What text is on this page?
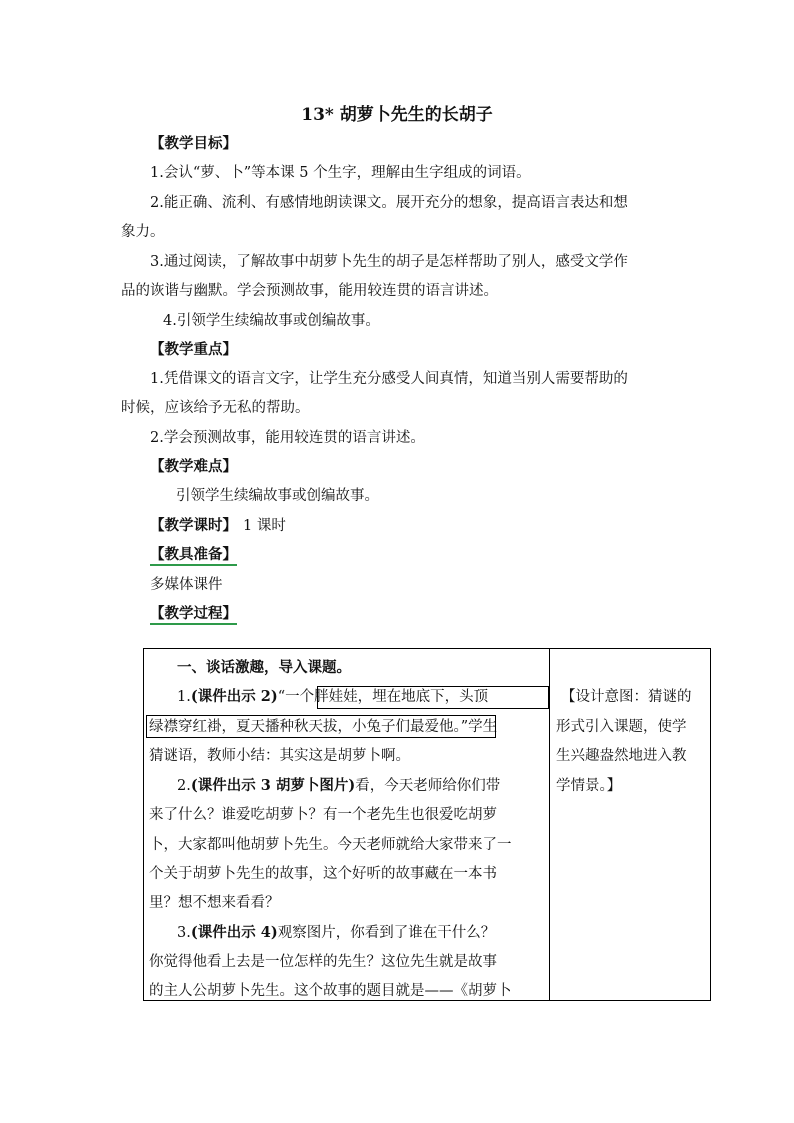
13* 胡萝卜先生的长胡子
【教学目标】
1.会认“萝、卜”等本课 5 个生字，理解由生字组成的词语。
2.能正确、流利、有感情地朗读课文。展开充分的想象，提高语言表达和想
象力。
3.通过阅读，了解故事中胡萝卜先生的胡子是怎样帮助了别人，感受文学作
品的诙谐与幽默。学会预测故事，能用较连贯的语言讲述。
4.引领学生续编故事或创编故事。
【教学重点】
1.凭借课文的语言文字，让学生充分感受人间真情，知道当别人需要帮助的
时候，应该给予无私的帮助。
2.学会预测故事，能用较连贯的语言讲述。
【教学难点】
引领学生续编故事或创编故事。
【教学课时】 1 课时
【教具准备】
多媒体课件
【教学过程】
一、谈话激趣，导入课题。
1.(课件出示 2)“一个胖娃娃，埋在地底下，头顶
绿襟穿红褂，夏天播种秋天拔，小兔子们最爱他。”学生
猜谜语，教师小结：其实这是胡萝卜啊。
2.(课件出示 3 胡萝卜图片)看，今天老师给你们带
来了什么？谁爱吃胡萝卜？有一个老先生也很爱吃胡萝
卜，大家都叫他胡萝卜先生。今天老师就给大家带来了一
个关于胡萝卜先生的故事，这个好听的故事藏在一本书
里？想不想来看看？
3.(课件出示 4)观察图片，你看到了谁在干什么？
你觉得他看上去是一位怎样的先生？这位先生就是故事
的主人公胡萝卜先生。这个故事的题目就是——《胡萝卜

【设计意图：猜谜的
形式引入课题，使学
生兴趣盎然地进入教
学情景。】
